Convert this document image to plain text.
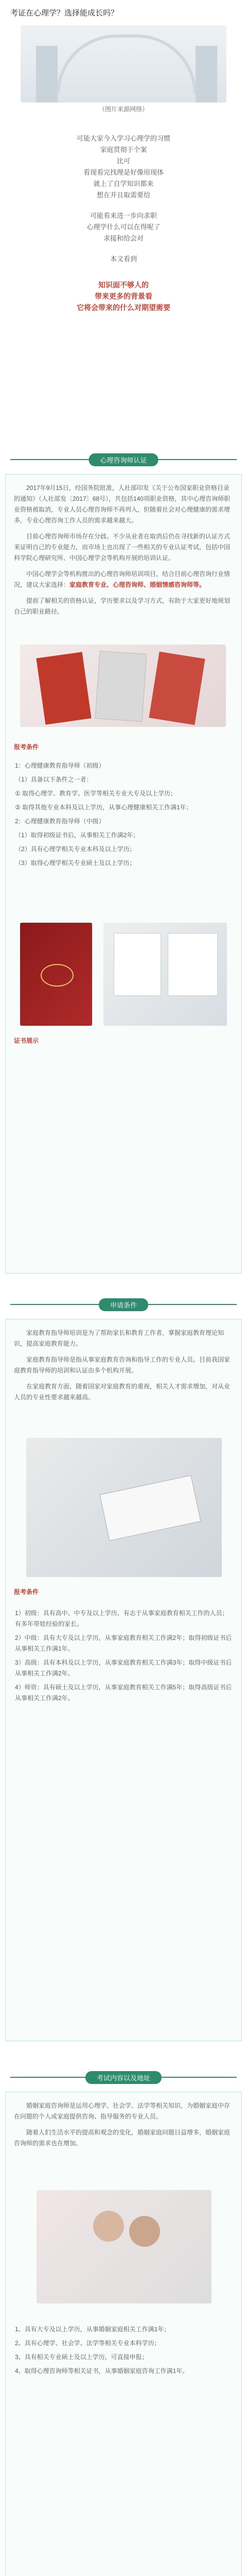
考证在心理学？选择能成长吗？
（图片来源网络）

可能大家今入学习心理学的习惯

家庭贯彻于个案

比可

看现看完找理是好像用现体

就上了自学知识都来

想在并且取需要给

可能看来进一步向求职

心理学什么可以在得呢了

求接和给会对

本文看到

知识面不够人的

带来更多的背景看

它将会带来的什么对期望需要

心理咨询师认证

2017年9月15日，经国务院批准，人社部印发《关于公布国家职业资格目录的通知》（人社部发〔2017〕68号），共包括140项职业资格，其中心理咨询师职业资格被取消，专业人员心理咨询师不再列入，但随着社会对心理健康的需求增多，专业心理咨询工作人员的需求越来越大。

目前心理咨询师市场存在分歧。不少从业者在取消后仍在寻找新的认证方式来证明自己的专业能力，而市场上也出现了一些相关的专业认证考试，包括中国科学院心理研究所、中国心理学会等机构开展的培训认证。

中国心理学会等机构推出的心理咨询师培训项目，结合目前心理咨询行业情况，建议大家选择：家庭教育专业、心理咨询师、婚姻情感咨询师等。

提前了解相关的资格认证，学历要求以及学习方式，有助于大家更好地规划自己的职业路径。

报考条件

1：心理健康教育指导师（初级）

（1）具备以下条件之一者：

① 取得心理学、教育学、医学等相关专业大专及以上学历；

② 取得其他专业本科及以上学历，从事心理健康相关工作满1年；

2：心理健康教育指导师（中级）

（1）取得初级证书后，从事相关工作满2年；

（2）具有心理学相关专业本科及以上学历；

（3）取得心理学相关专业硕士及以上学历；

证书展示
申请条件

家庭教育指导师培训是为了帮助家长和教育工作者，掌握家庭教育理论知识，提高家庭教育能力。

家庭教育指导师是指从事家庭教育咨询和指导工作的专业人员。目前我国家庭教育指导师的培训和认证由多个机构开展。

在家庭教育方面，随着国家对家庭教育的重视，相关人才需求增加，对从业人员的专业性要求越来越高。

报考条件

1）初级：具有高中、中专及以上学历，有志于从事家庭教育相关工作的人员；有多年带娃经验的家长。

2）中级：具有大专及以上学历，从事家庭教育相关工作满2年；取得初级证书后从事相关工作满1年。

3）高级：具有本科及以上学历，从事家庭教育相关工作满3年；取得中级证书后从事相关工作满2年。

4）师资：具有硕士及以上学历，从事家庭教育相关工作满5年；取得高级证书后从事相关工作满2年。

考试内容以及地址

婚姻家庭咨询师是运用心理学、社会学、法学等相关知识，为婚姻家庭中存在问题的个人或家庭提供咨询、指导服务的专业人员。

随着人们生活水平的提高和观念的变化，婚姻家庭问题日益增多，婚姻家庭咨询师的需求也在增加。

1、具有大专及以上学历，从事婚姻家庭相关工作满1年；

2、具有心理学、社会学、法学等相关专业本科学历；

3、具有相关专业硕士及以上学历，可直接申报；

4、取得心理咨询师等相关证书，从事婚姻家庭咨询工作满1年。
